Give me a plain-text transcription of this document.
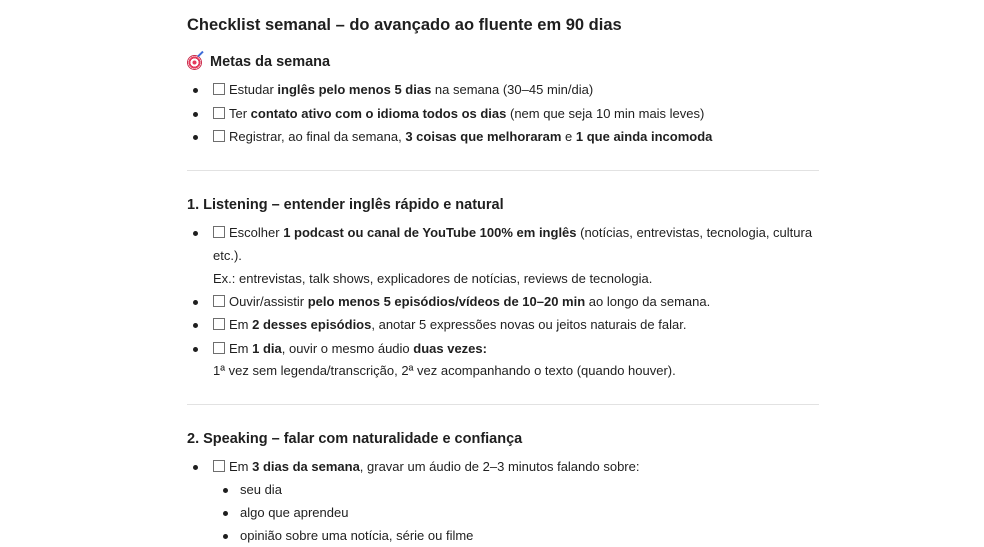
Checklist semanal – do avançado ao fluente em 90 dias
Metas da semana
Estudar inglês pelo menos 5 dias na semana (30–45 min/dia)
Ter contato ativo com o idioma todos os dias (nem que seja 10 min mais leves)
Registrar, ao final da semana, 3 coisas que melhoraram e 1 que ainda incomoda
1. Listening – entender inglês rápido e natural
Escolher 1 podcast ou canal de YouTube 100% em inglês (notícias, entrevistas, tecnologia, cultura
etc.).
Ex.: entrevistas, talk shows, explicadores de notícias, reviews de tecnologia.
Ouvir/assistir pelo menos 5 episódios/vídeos de 10–20 min ao longo da semana.
Em 2 desses episódios, anotar 5 expressões novas ou jeitos naturais de falar.
Em 1 dia, ouvir o mesmo áudio duas vezes:
1ª vez sem legenda/transcrição, 2ª vez acompanhando o texto (quando houver).
2. Speaking – falar com naturalidade e confiança
Em 3 dias da semana, gravar um áudio de 2–3 minutos falando sobre:
seu dia
algo que aprendeu
opinião sobre uma notícia, série ou filme
